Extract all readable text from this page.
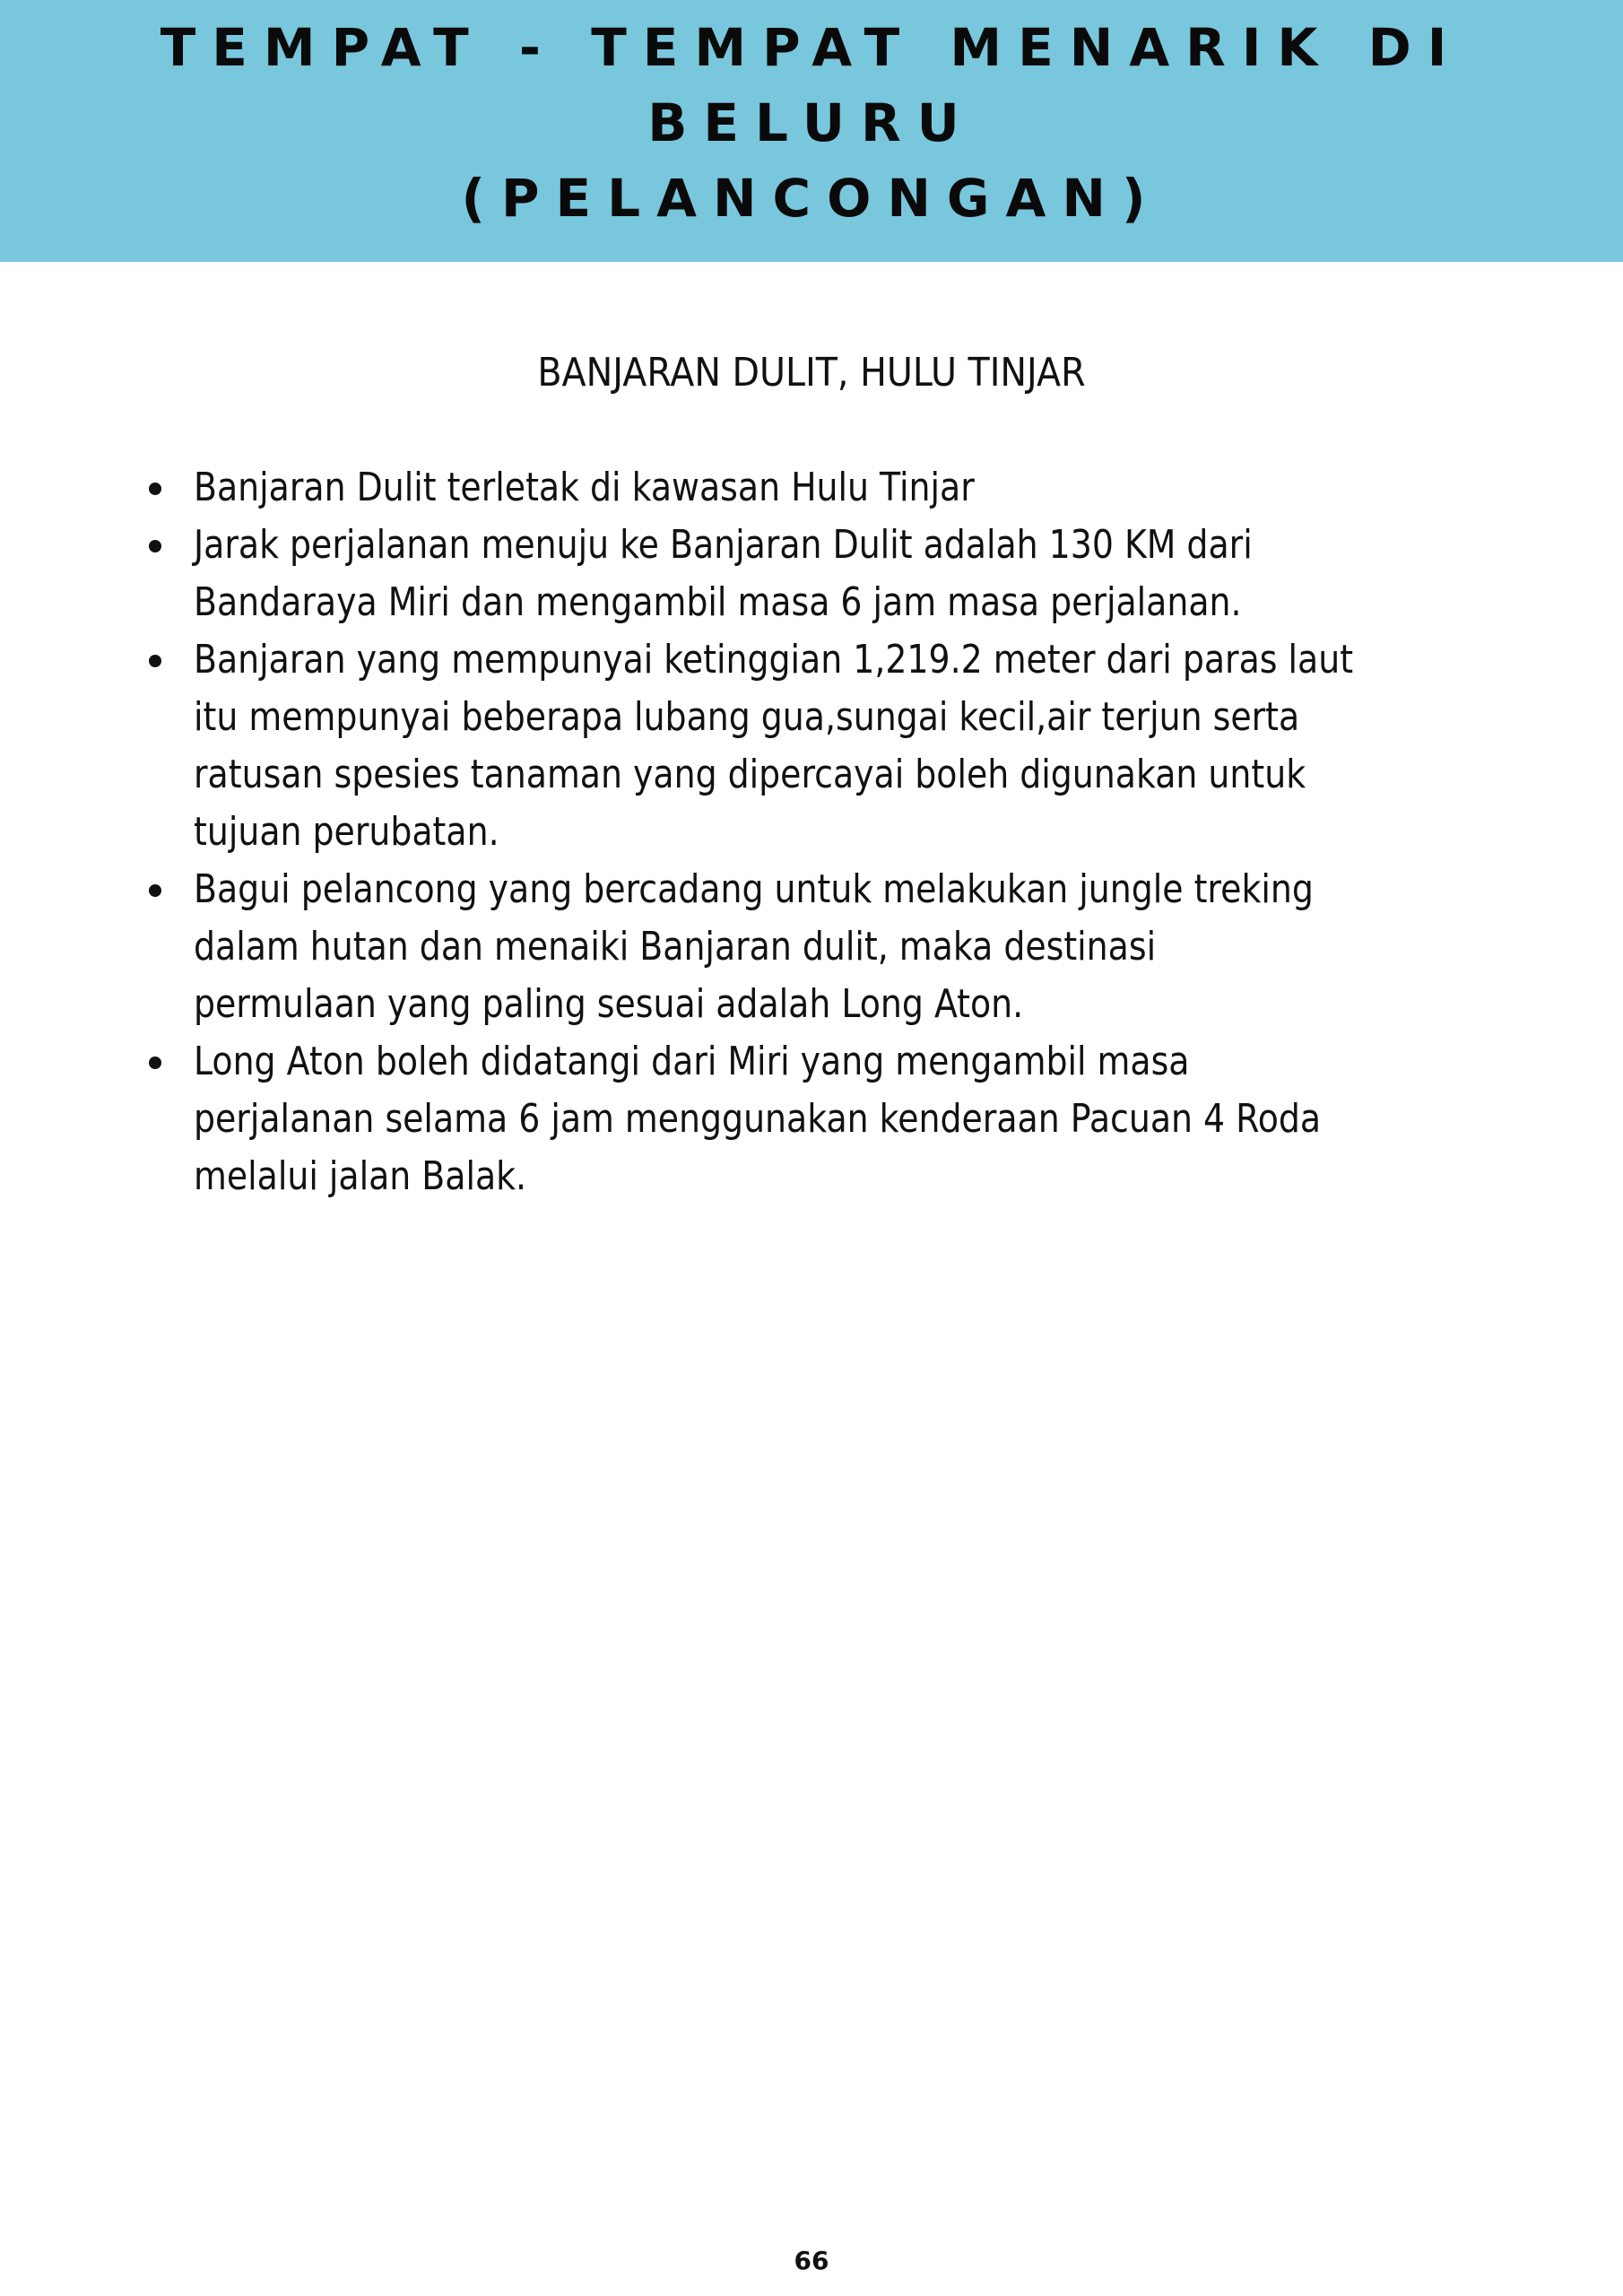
TEMPAT - TEMPAT MENARIK DI
BELURU
(PELANCONGAN)
BANJARAN DULIT, HULU TINJAR
Banjaran Dulit terletak di kawasan Hulu Tinjar
Jarak perjalanan menuju ke Banjaran Dulit adalah 130 KM dari
Bandaraya Miri dan mengambil masa 6 jam masa perjalanan.
Banjaran yang mempunyai ketinggian 1,219.2 meter dari paras laut
itu mempunyai beberapa lubang gua,sungai kecil,air terjun serta
ratusan spesies tanaman yang dipercayai boleh digunakan untuk
tujuan perubatan.
Bagui pelancong yang bercadang untuk melakukan jungle treking
dalam hutan dan menaiki Banjaran dulit, maka destinasi
permulaan yang paling sesuai adalah Long Aton.
Long Aton boleh didatangi dari Miri yang mengambil masa
perjalanan selama 6 jam menggunakan kenderaan Pacuan 4 Roda
melalui jalan Balak.
66
